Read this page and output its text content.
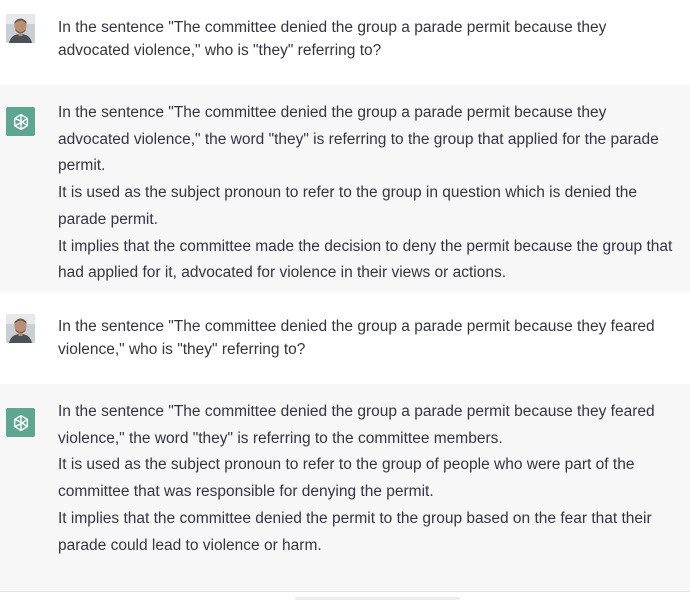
In the sentence "The committee denied the group a parade permit because they advocated violence," who is "they" referring to?
In the sentence "The committee denied the group a parade permit because they advocated violence," the word "they" is referring to the group that applied for the parade permit.
It is used as the subject pronoun to refer to the group in question which is denied the parade permit.
It implies that the committee made the decision to deny the permit because the group that had applied for it, advocated for violence in their views or actions.
In the sentence "The committee denied the group a parade permit because they feared violence," who is "they" referring to?
In the sentence "The committee denied the group a parade permit because they feared violence," the word "they" is referring to the committee members.
It is used as the subject pronoun to refer to the group of people who were part of the committee that was responsible for denying the permit.
It implies that the committee denied the permit to the group based on the fear that their parade could lead to violence or harm.
